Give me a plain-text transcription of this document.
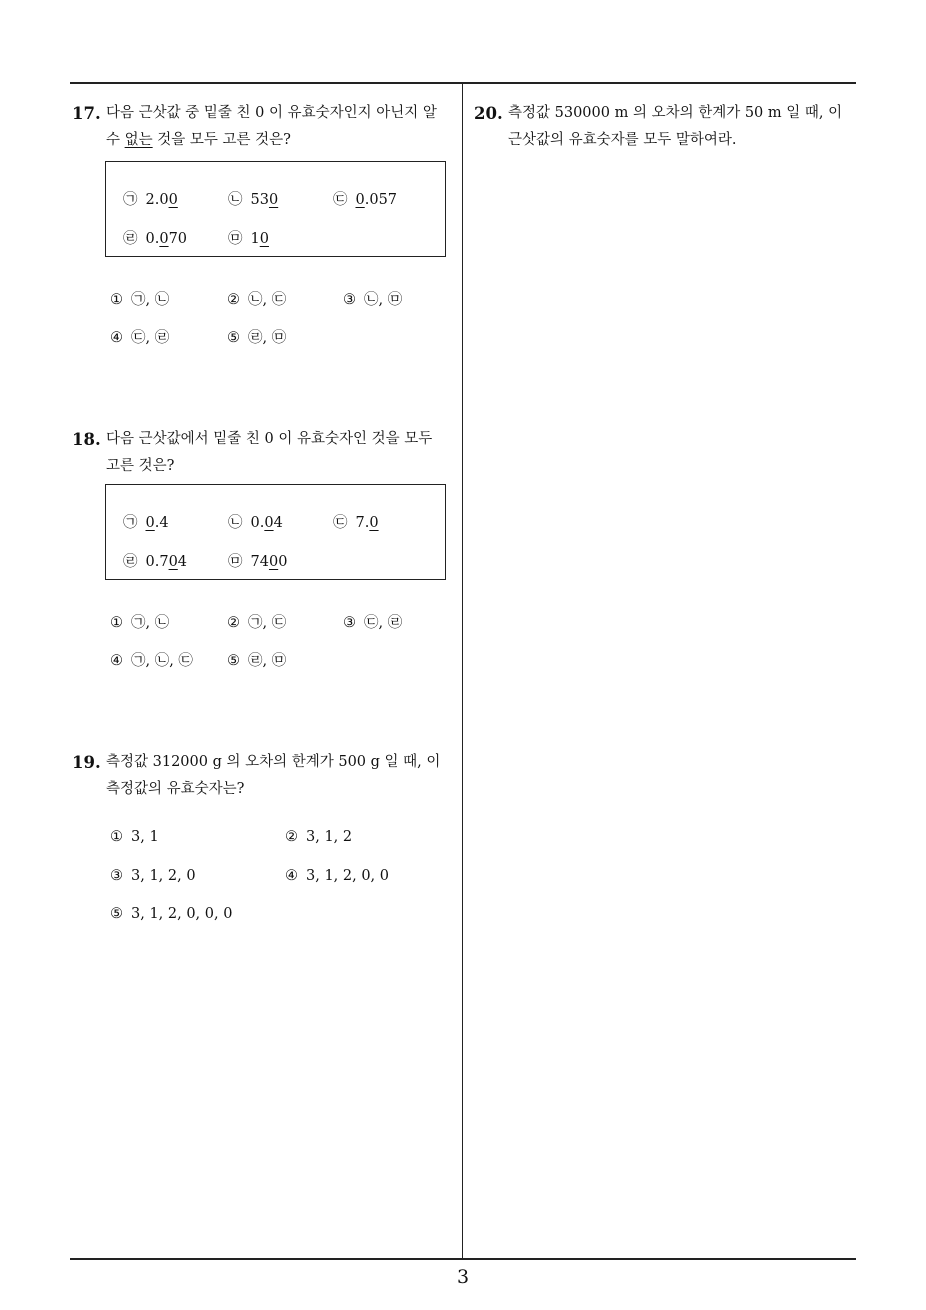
17. 다음 근삿값 중 밑줄 친 0 이 유효숫자인지 아닌지 알
수 없는 것을 모두 고른 것은?
㉠ 2.00	㉡ 530	㉢ 0.057
㉣ 0.070	㉤ 10
① ㉠, ㉡	② ㉡, ㉢	③ ㉡, ㉤
④ ㉢, ㉣	⑤ ㉣, ㉤
18. 다음 근삿값에서 밑줄 친 0 이 유효숫자인 것을 모두
고른 것은?
㉠ 0.4	㉡ 0.04	㉢ 7.0
㉣ 0.704	㉤ 7400
① ㉠, ㉡	② ㉠, ㉢	③ ㉢, ㉣
④ ㉠, ㉡, ㉢ ⑤ ㉣, ㉤
19. 측정값 312000 g 의 오차의 한계가 500 g 일 때, 이
측정값의 유효숫자는?
① 3, 1	② 3, 1, 2
③ 3, 1, 2, 0	④ 3, 1, 2, 0, 0
⑤ 3, 1, 2, 0, 0, 0
20. 측정값 530000 m 의 오차의 한계가 50 m 일 때, 이
근삿값의 유효숫자를 모두 말하여라.
3
